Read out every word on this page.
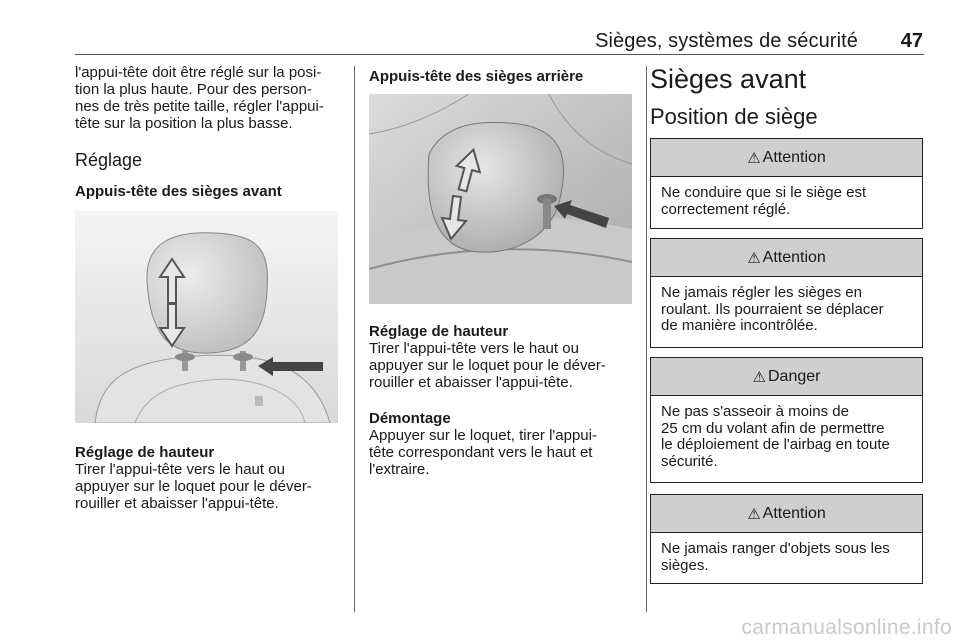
Sièges, systèmes de sécurité 47
l'appui-tête doit être réglé sur la posi-
tion la plus haute. Pour des person-
nes de très petite taille, régler l'appui-
tête sur la position la plus basse.
Réglage
Appuis-tête des sièges avant
Réglage de hauteur
Tirer l'appui-tête vers le haut ou
appuyer sur le loquet pour le déver-
rouiller et abaisser l'appui-tête.
Appuis-tête des sièges arrière
Réglage de hauteur
Tirer l'appui-tête vers le haut ou
appuyer sur le loquet pour le déver-
rouiller et abaisser l'appui-tête.
Démontage
Appuyer sur le loquet, tirer l'appui-
tête correspondant vers le haut et
l'extraire.
Sièges avant
Position de siège
⚠ Attention
Ne conduire que si le siège est
correctement réglé.
⚠ Attention
Ne jamais régler les sièges en
roulant. Ils pourraient se déplacer
de manière incontrôlée.
⚠ Danger
Ne pas s'asseoir à moins de
25 cm du volant afin de permettre
le déploiement de l'airbag en toute
sécurité.
⚠ Attention
Ne jamais ranger d'objets sous les
sièges.
carmanualsonline.info
